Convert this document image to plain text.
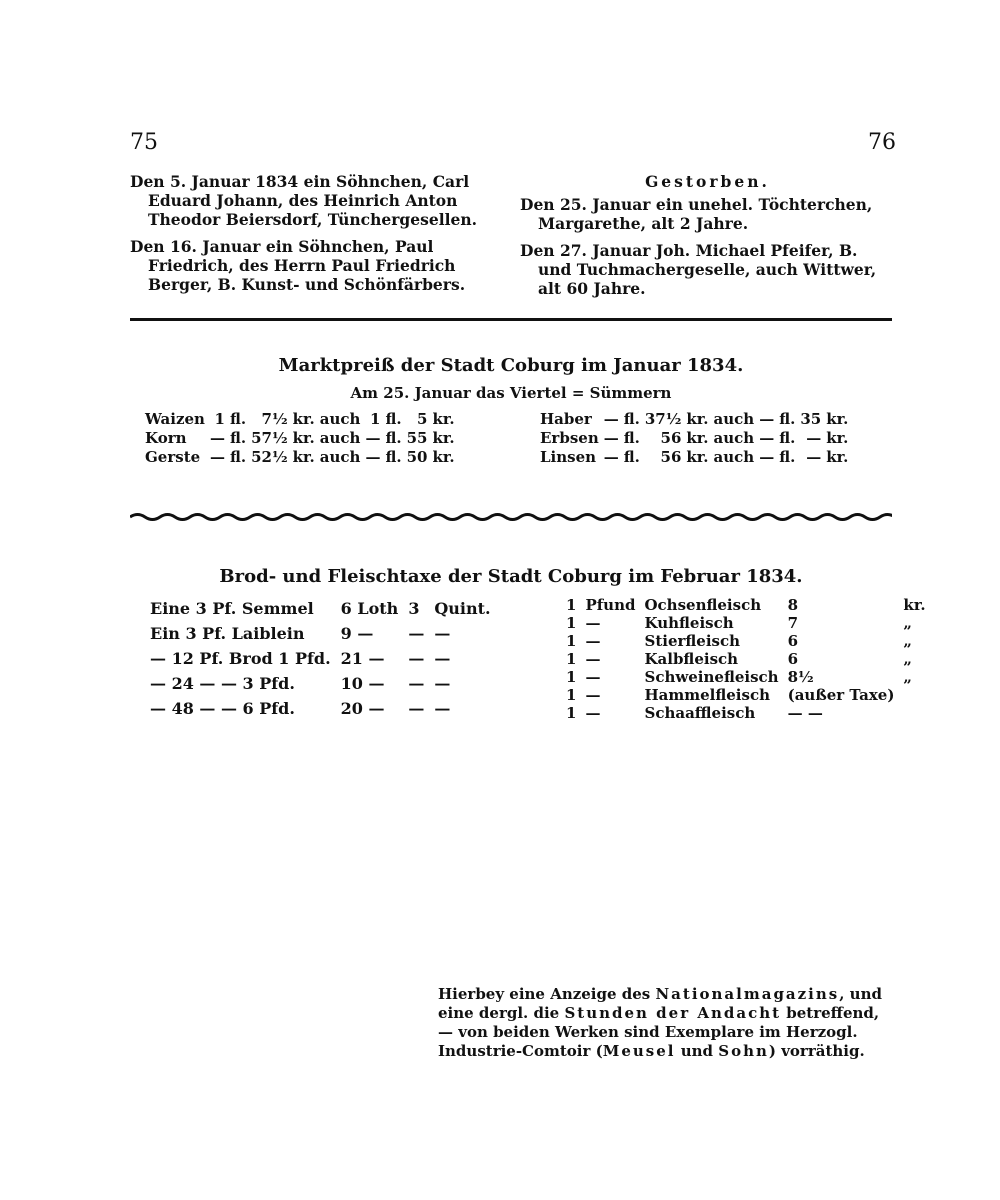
75	76

Den 5. Januar 1834 ein Söhnchen, Carl Eduard Johann, des Heinrich Anton Theodor Beiersdorf, Tünchergesellen.

Den 16. Januar ein Söhnchen, Paul Friedrich, des Herrn Paul Friedrich Berger, B. Kunst- und Schönfärbers.

Gestorben.

Den 25. Januar ein unehel. Töchterchen, Margarethe, alt 2 Jahre.

Den 27. Januar Joh. Michael Pfeifer, B. und Tuchmachergeselle, auch Wittwer, alt 60 Jahre.

Marktpreiß der Stadt Coburg im Januar 1834.
Am 25. Januar das Viertel = Sümmern
Waizen	1	fl.	7½	kr.	auch	1	fl.	5	kr.
Korn	—	fl.	57½	kr.	auch	—	fl.	55	kr.
Gerste	—	fl.	52½	kr.	auch	—	fl.	50	kr.
Haber	—	fl.	37½	kr.	auch	—	fl.	35	kr.
Erbsen	—	fl.	56	kr.	auch	—	fl.	—	kr.
Linsen	—	fl.	56	kr.	auch	—	fl.	—	kr.
Brod- und Fleischtaxe der Stadt Coburg im Februar 1834.
Eine 3 Pf. Semmel	6 Loth	3	Quint.
Ein 3 Pf. Laiblein	9 —	—	—
— 12 Pf. Brod 1 Pfd.	21 —	—	—
— 24 — — 3 Pfd.	10 —	—	—
— 48 — — 6 Pfd.	20 —	—	—
1	Pfund	Ochsenfleisch	8	kr.
1	—	Kuhfleisch	7	„
1	—	Stierfleisch	6	„
1	—	Kalbfleisch	6	„
1	—	Schweinefleisch	8½	„
1	—	Hammelfleisch	(außer Taxe)	
1	—	Schaaffleisch	— —	
Hierbey eine Anzeige des Nationalmagazins, und eine dergl. die Stunden der Andacht betreffend, — von beiden Werken sind Exemplare im Herzogl. Industrie-Comtoir (Meusel und Sohn) vorräthig.
